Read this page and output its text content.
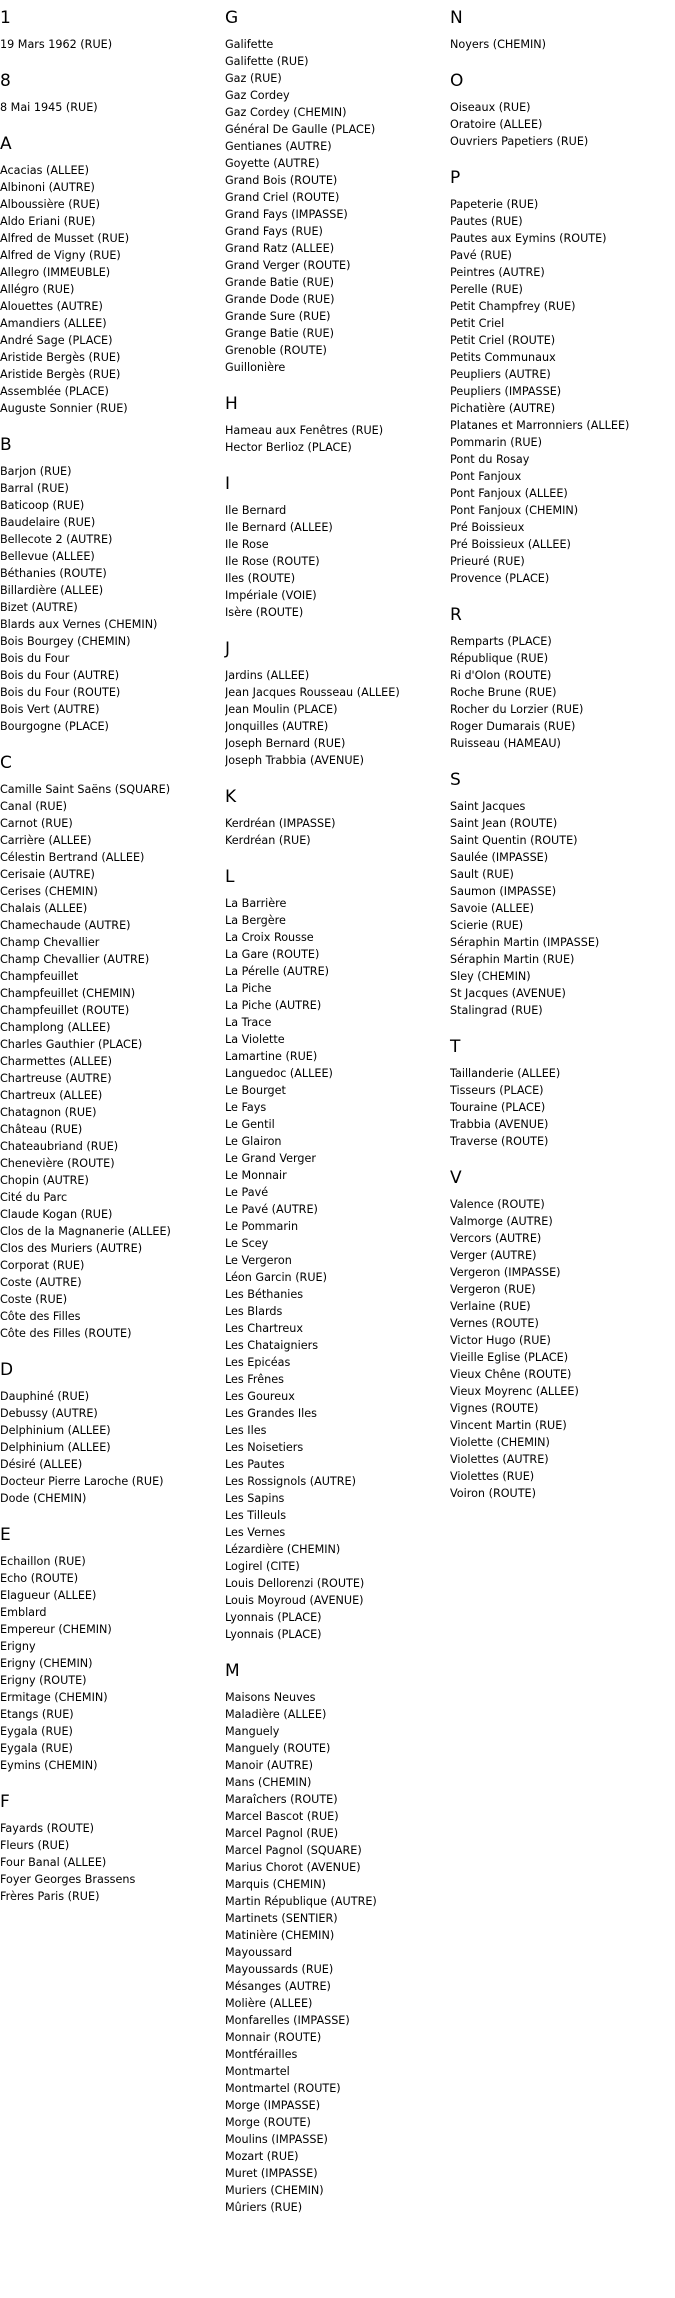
1
19 Mars 1962 (RUE)
8
8 Mai 1945 (RUE)
A
Acacias (ALLEE)
Albinoni (AUTRE)
Alboussière (RUE)
Aldo Eriani (RUE)
Alfred de Musset (RUE)
Alfred de Vigny (RUE)
Allegro (IMMEUBLE)
Allégro (RUE)
Alouettes (AUTRE)
Amandiers (ALLEE)
André Sage (PLACE)
Aristide Bergès (RUE)
Aristide Bergès (RUE)
Assemblée (PLACE)
Auguste Sonnier (RUE)
B
Barjon (RUE)
Barral (RUE)
Baticoop (RUE)
Baudelaire (RUE)
Bellecote 2 (AUTRE)
Bellevue (ALLEE)
Béthanies (ROUTE)
Billardière (ALLEE)
Bizet (AUTRE)
Blards aux Vernes (CHEMIN)
Bois Bourgey (CHEMIN)
Bois du Four
Bois du Four (AUTRE)
Bois du Four (ROUTE)
Bois Vert (AUTRE)
Bourgogne (PLACE)
C
Camille Saint Saëns (SQUARE)
Canal (RUE)
Carnot (RUE)
Carrière (ALLEE)
Célestin Bertrand (ALLEE)
Cerisaie (AUTRE)
Cerises (CHEMIN)
Chalais (ALLEE)
Chamechaude (AUTRE)
Champ Chevallier
Champ Chevallier (AUTRE)
Champfeuillet
Champfeuillet (CHEMIN)
Champfeuillet (ROUTE)
Champlong (ALLEE)
Charles Gauthier (PLACE)
Charmettes (ALLEE)
Chartreuse (AUTRE)
Chartreux (ALLEE)
Chatagnon (RUE)
Château (RUE)
Chateaubriand (RUE)
Chenevière (ROUTE)
Chopin (AUTRE)
Cité du Parc
Claude Kogan (RUE)
Clos de la Magnanerie (ALLEE)
Clos des Muriers (AUTRE)
Corporat (RUE)
Coste (AUTRE)
Coste (RUE)
Côte des Filles
Côte des Filles (ROUTE)
D
Dauphiné (RUE)
Debussy (AUTRE)
Delphinium (ALLEE)
Delphinium (ALLEE)
Désiré (ALLEE)
Docteur Pierre Laroche (RUE)
Dode (CHEMIN)
E
Echaillon (RUE)
Echo (ROUTE)
Elagueur (ALLEE)
Emblard
Empereur (CHEMIN)
Erigny
Erigny (CHEMIN)
Erigny (ROUTE)
Ermitage (CHEMIN)
Etangs (RUE)
Eygala (RUE)
Eygala (RUE)
Eymins (CHEMIN)
F
Fayards (ROUTE)
Fleurs (RUE)
Four Banal (ALLEE)
Foyer Georges Brassens
Frères Paris (RUE)
G
Galifette
Galifette (RUE)
Gaz (RUE)
Gaz Cordey
Gaz Cordey (CHEMIN)
Général De Gaulle (PLACE)
Gentianes (AUTRE)
Goyette (AUTRE)
Grand Bois (ROUTE)
Grand Criel (ROUTE)
Grand Fays (IMPASSE)
Grand Fays (RUE)
Grand Ratz (ALLEE)
Grand Verger (ROUTE)
Grande Batie (RUE)
Grande Dode (RUE)
Grande Sure (RUE)
Grange Batie (RUE)
Grenoble (ROUTE)
Guillonière
H
Hameau aux Fenêtres (RUE)
Hector Berlioz (PLACE)
I
Ile Bernard
Ile Bernard (ALLEE)
Ile Rose
Ile Rose (ROUTE)
Iles (ROUTE)
Impériale (VOIE)
Isère (ROUTE)
J
Jardins (ALLEE)
Jean Jacques Rousseau (ALLEE)
Jean Moulin (PLACE)
Jonquilles (AUTRE)
Joseph Bernard (RUE)
Joseph Trabbia (AVENUE)
K
Kerdréan (IMPASSE)
Kerdréan (RUE)
L
La Barrière
La Bergère
La Croix Rousse
La Gare (ROUTE)
La Pérelle (AUTRE)
La Piche
La Piche (AUTRE)
La Trace
La Violette
Lamartine (RUE)
Languedoc (ALLEE)
Le Bourget
Le Fays
Le Gentil
Le Glairon
Le Grand Verger
Le Monnair
Le Pavé
Le Pavé (AUTRE)
Le Pommarin
Le Scey
Le Vergeron
Léon Garcin (RUE)
Les Béthanies
Les Blards
Les Chartreux
Les Chataigniers
Les Epicéas
Les Frênes
Les Goureux
Les Grandes Iles
Les Iles
Les Noisetiers
Les Pautes
Les Rossignols (AUTRE)
Les Sapins
Les Tilleuls
Les Vernes
Lézardière (CHEMIN)
Logirel (CITE)
Louis Dellorenzi (ROUTE)
Louis Moyroud (AVENUE)
Lyonnais (PLACE)
Lyonnais (PLACE)
M
Maisons Neuves
Maladière (ALLEE)
Manguely
Manguely (ROUTE)
Manoir (AUTRE)
Mans (CHEMIN)
Maraîchers (ROUTE)
Marcel Bascot (RUE)
Marcel Pagnol (RUE)
Marcel Pagnol (SQUARE)
Marius Chorot (AVENUE)
Marquis (CHEMIN)
Martin République (AUTRE)
Martinets (SENTIER)
Matinière (CHEMIN)
Mayoussard
Mayoussards (RUE)
Mésanges (AUTRE)
Molière (ALLEE)
Monfarelles (IMPASSE)
Monnair (ROUTE)
Montférailles
Montmartel
Montmartel (ROUTE)
Morge (IMPASSE)
Morge (ROUTE)
Moulins (IMPASSE)
Mozart (RUE)
Muret (IMPASSE)
Muriers (CHEMIN)
Mûriers (RUE)
N
Noyers (CHEMIN)
O
Oiseaux (RUE)
Oratoire (ALLEE)
Ouvriers Papetiers (RUE)
P
Papeterie (RUE)
Pautes (RUE)
Pautes aux Eymins (ROUTE)
Pavé (RUE)
Peintres (AUTRE)
Perelle (RUE)
Petit Champfrey (RUE)
Petit Criel
Petit Criel (ROUTE)
Petits Communaux
Peupliers (AUTRE)
Peupliers (IMPASSE)
Pichatière (AUTRE)
Platanes et Marronniers (ALLEE)
Pommarin (RUE)
Pont du Rosay
Pont Fanjoux
Pont Fanjoux (ALLEE)
Pont Fanjoux (CHEMIN)
Pré Boissieux
Pré Boissieux (ALLEE)
Prieuré (RUE)
Provence (PLACE)
R
Remparts (PLACE)
République (RUE)
Ri d'Olon (ROUTE)
Roche Brune (RUE)
Rocher du Lorzier (RUE)
Roger Dumarais (RUE)
Ruisseau (HAMEAU)
S
Saint Jacques
Saint Jean (ROUTE)
Saint Quentin (ROUTE)
Saulée (IMPASSE)
Sault (RUE)
Saumon (IMPASSE)
Savoie (ALLEE)
Scierie (RUE)
Séraphin Martin (IMPASSE)
Séraphin Martin (RUE)
Sley (CHEMIN)
St Jacques (AVENUE)
Stalingrad (RUE)
T
Taillanderie (ALLEE)
Tisseurs (PLACE)
Touraine (PLACE)
Trabbia (AVENUE)
Traverse (ROUTE)
V
Valence (ROUTE)
Valmorge (AUTRE)
Vercors (AUTRE)
Verger (AUTRE)
Vergeron (IMPASSE)
Vergeron (RUE)
Verlaine (RUE)
Vernes (ROUTE)
Victor Hugo (RUE)
Vieille Eglise (PLACE)
Vieux Chêne (ROUTE)
Vieux Moyrenc (ALLEE)
Vignes (ROUTE)
Vincent Martin (RUE)
Violette (CHEMIN)
Violettes (AUTRE)
Violettes (RUE)
Voiron (ROUTE)
